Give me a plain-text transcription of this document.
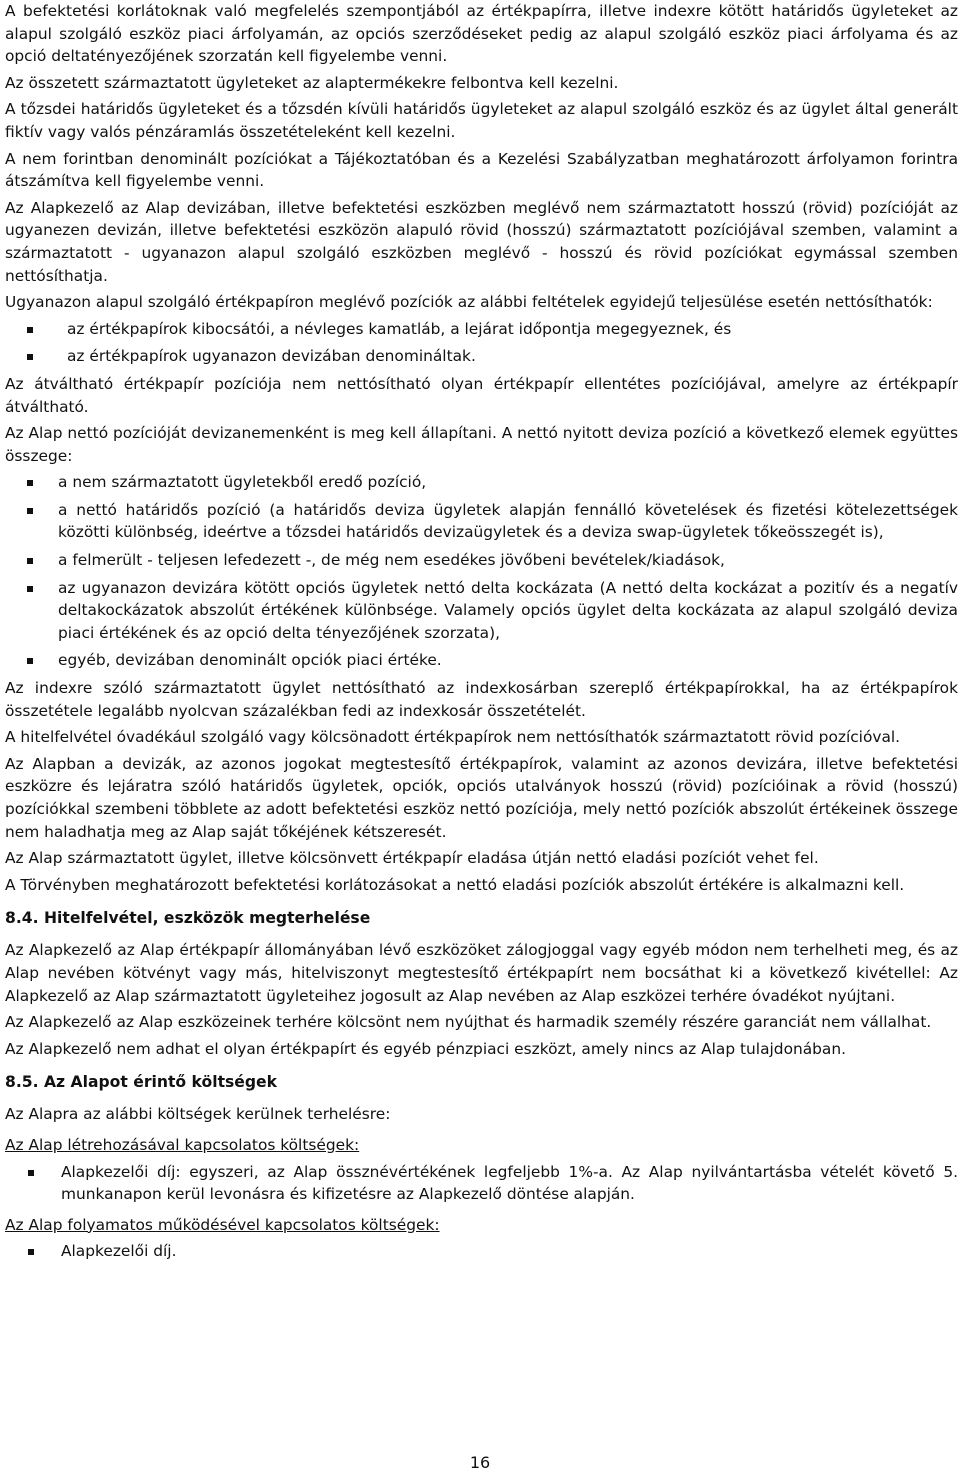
A befektetési korlátoknak való megfelelés szempontjából az értékpapírra, illetve indexre kötött határidős ügyleteket az alapul szolgáló eszköz piaci árfolyamán, az opciós szerződéseket pedig az alapul szolgáló eszköz piaci árfolyama és az opció deltatényezőjének szorzatán kell figyelembe venni.

Az összetett származtatott ügyleteket az alaptermékekre felbontva kell kezelni.

A tőzsdei határidős ügyleteket és a tőzsdén kívüli határidős ügyleteket az alapul szolgáló eszköz és az ügylet által generált fiktív vagy valós pénzáramlás összetételeként kell kezelni.

A nem forintban denominált pozíciókat a Tájékoztatóban és a Kezelési Szabályzatban meghatározott árfolyamon forintra átszámítva kell figyelembe venni.

Az Alapkezelő az Alap devizában, illetve befektetési eszközben meglévő nem származtatott hosszú (rövid) pozícióját az ugyanezen devizán, illetve befektetési eszközön alapuló rövid (hosszú) származtatott pozíciójával szemben, valamint a származtatott - ugyanazon alapul szolgáló eszközben meglévő - hosszú és rövid pozíciókat egymással szemben nettósíthatja.

Ugyanazon alapul szolgáló értékpapíron meglévő pozíciók az alábbi feltételek egyidejű teljesülése esetén nettósíthatók:

az értékpapírok kibocsátói, a névleges kamatláb, a lejárat időpontja megegyeznek, és
az értékpapírok ugyanazon devizában denomináltak.

Az átváltható értékpapír pozíciója nem nettósítható olyan értékpapír ellentétes pozíciójával, amelyre az értékpapír átváltható.

Az Alap nettó pozícióját devizanemenként is meg kell állapítani. A nettó nyitott deviza pozíció a következő elemek együttes összege:

a nem származtatott ügyletekből eredő pozíció,
a nettó határidős pozíció (a határidős deviza ügyletek alapján fennálló követelések és fizetési kötelezettségek közötti különbség, ideértve a tőzsdei határidős devizaügyletek és a deviza swap-ügyletek tőkeösszegét is),
a felmerült - teljesen lefedezett -, de még nem esedékes jövőbeni bevételek/kiadások,
az ugyanazon devizára kötött opciós ügyletek nettó delta kockázata (A nettó delta kockázat a pozitív és a negatív deltakockázatok abszolút értékének különbsége. Valamely opciós ügylet delta kockázata az alapul szolgáló deviza piaci értékének és az opció delta tényezőjének szorzata),
egyéb, devizában denominált opciók piaci értéke.

Az indexre szóló származtatott ügylet nettósítható az indexkosárban szereplő értékpapírokkal, ha az értékpapírok összetétele legalább nyolcvan százalékban fedi az indexkosár összetételét.

A hitelfelvétel óvadékául szolgáló vagy kölcsönadott értékpapírok nem nettósíthatók származtatott rövid pozícióval.

Az Alapban a devizák, az azonos jogokat megtestesítő értékpapírok, valamint az azonos devizára, illetve befektetési eszközre és lejáratra szóló határidős ügyletek, opciók, opciós utalványok hosszú (rövid) pozícióinak a rövid (hosszú) pozíciókkal szembeni többlete az adott befektetési eszköz nettó pozíciója, mely nettó pozíciók abszolút értékeinek összege nem haladhatja meg az Alap saját tőkéjének kétszeresét.

Az Alap származtatott ügylet, illetve kölcsönvett értékpapír eladása útján nettó eladási pozíciót vehet fel.

A Törvényben meghatározott befektetési korlátozásokat a nettó eladási pozíciók abszolút értékére is alkalmazni kell.

8.4. Hitelfelvétel, eszközök megterhelése

Az Alapkezelő az Alap értékpapír állományában lévő eszközöket zálogjoggal vagy egyéb módon nem terhelheti meg, és az Alap nevében kötvényt vagy más, hitelviszonyt megtestesítő értékpapírt nem bocsáthat ki a következő kivétellel: Az Alapkezelő az Alap származtatott ügyleteihez jogosult az Alap nevében az Alap eszközei terhére óvadékot nyújtani.

Az Alapkezelő az Alap eszközeinek terhére kölcsönt nem nyújthat és harmadik személy részére garanciát nem vállalhat.

Az Alapkezelő nem adhat el olyan értékpapírt és egyéb pénzpiaci eszközt, amely nincs az Alap tulajdonában.

8.5. Az Alapot érintő költségek

Az Alapra az alábbi költségek kerülnek terhelésre:

Az Alap létrehozásával kapcsolatos költségek:

Alapkezelői díj: egyszeri, az Alap össznévértékének legfeljebb 1%-a. Az Alap nyilvántartásba vételét követő 5. munkanapon kerül levonásra és kifizetésre az Alapkezelő döntése alapján.

Az Alap folyamatos működésével kapcsolatos költségek:

Alapkezelői díj.
16
